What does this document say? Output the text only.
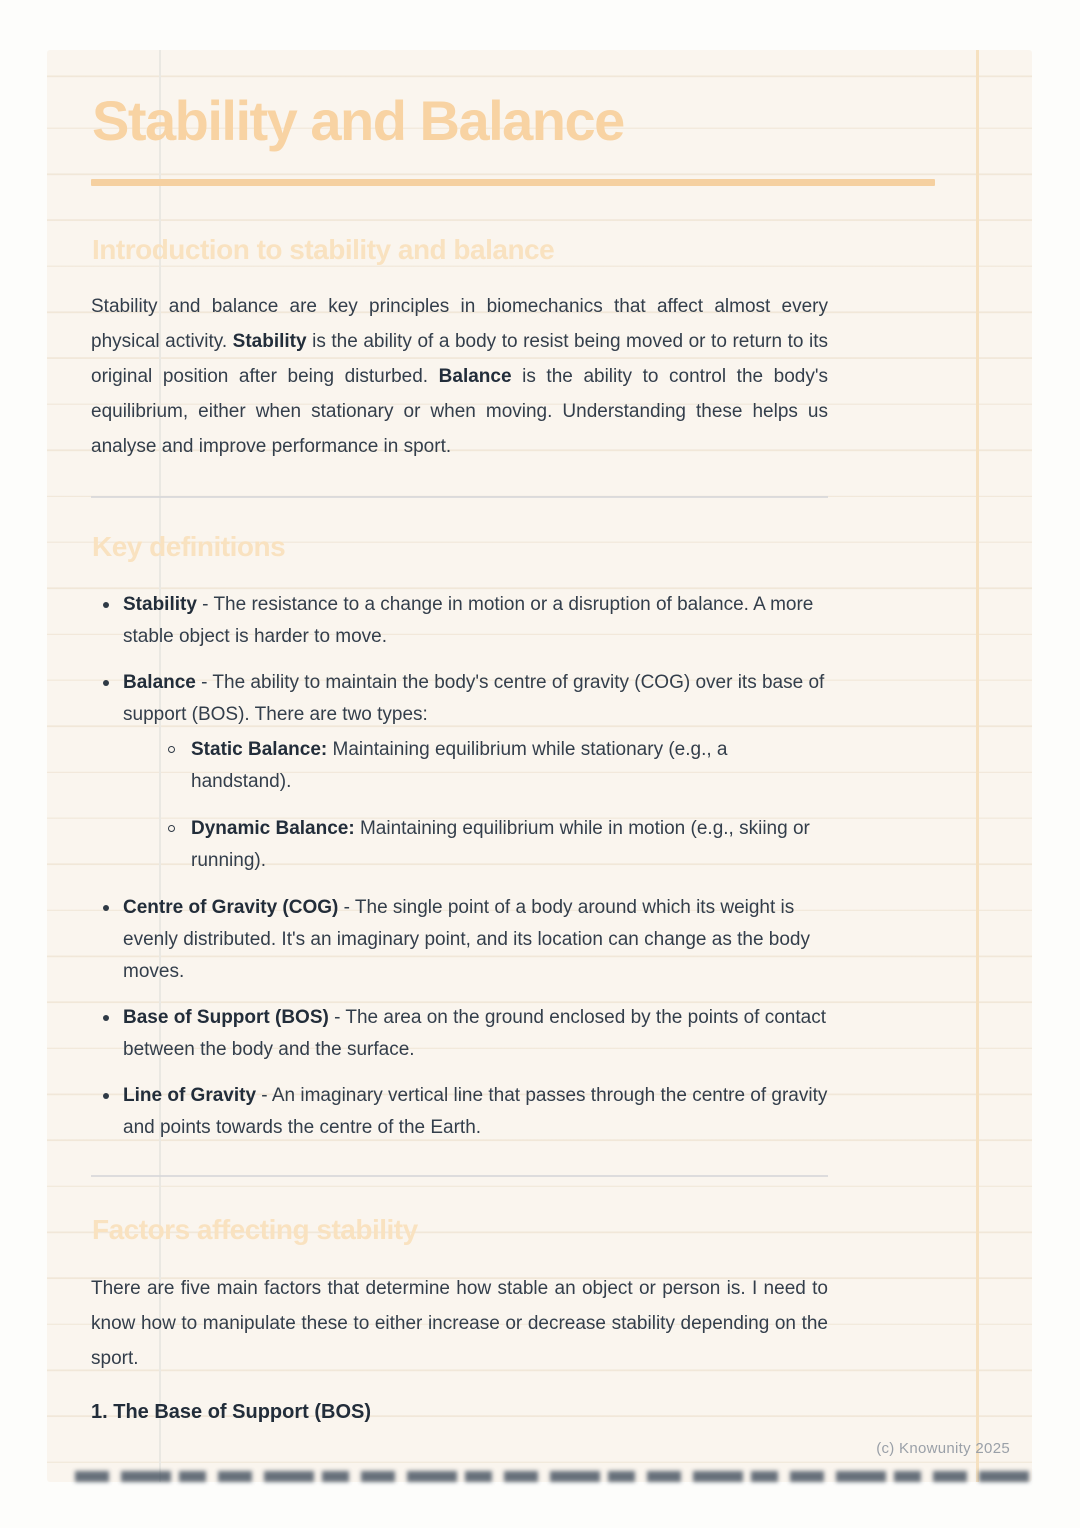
Stability and Balance
Introduction to stability and balance

Stability and balance are key principles in biomechanics that affect almost every physical activity. Stability is the ability of a body to resist being moved or to return to its original position after being disturbed. Balance is the ability to control the body's equilibrium, either when stationary or when moving. Understanding these helps us analyse and improve performance in sport.

Key definitions
Stability - The resistance to a change in motion or a disruption of balance. A more stable object is harder to move.
Balance - The ability to maintain the body's centre of gravity (COG) over its base of support (BOS). There are two types:
Static Balance: Maintaining equilibrium while stationary (e.g., a handstand).
Dynamic Balance: Maintaining equilibrium while in motion (e.g., skiing or running).
Centre of Gravity (COG) - The single point of a body around which its weight is evenly distributed. It's an imaginary point, and its location can change as the body moves.
Base of Support (BOS) - The area on the ground enclosed by the points of contact between the body and the surface.
Line of Gravity - An imaginary vertical line that passes through the centre of gravity and points towards the centre of the Earth.
Factors affecting stability

There are five main factors that determine how stable an object or person is. I need to know how to manipulate these to either increase or decrease stability depending on the sport.

1. The Base of Support (BOS)

(c) Knowunity 2025
